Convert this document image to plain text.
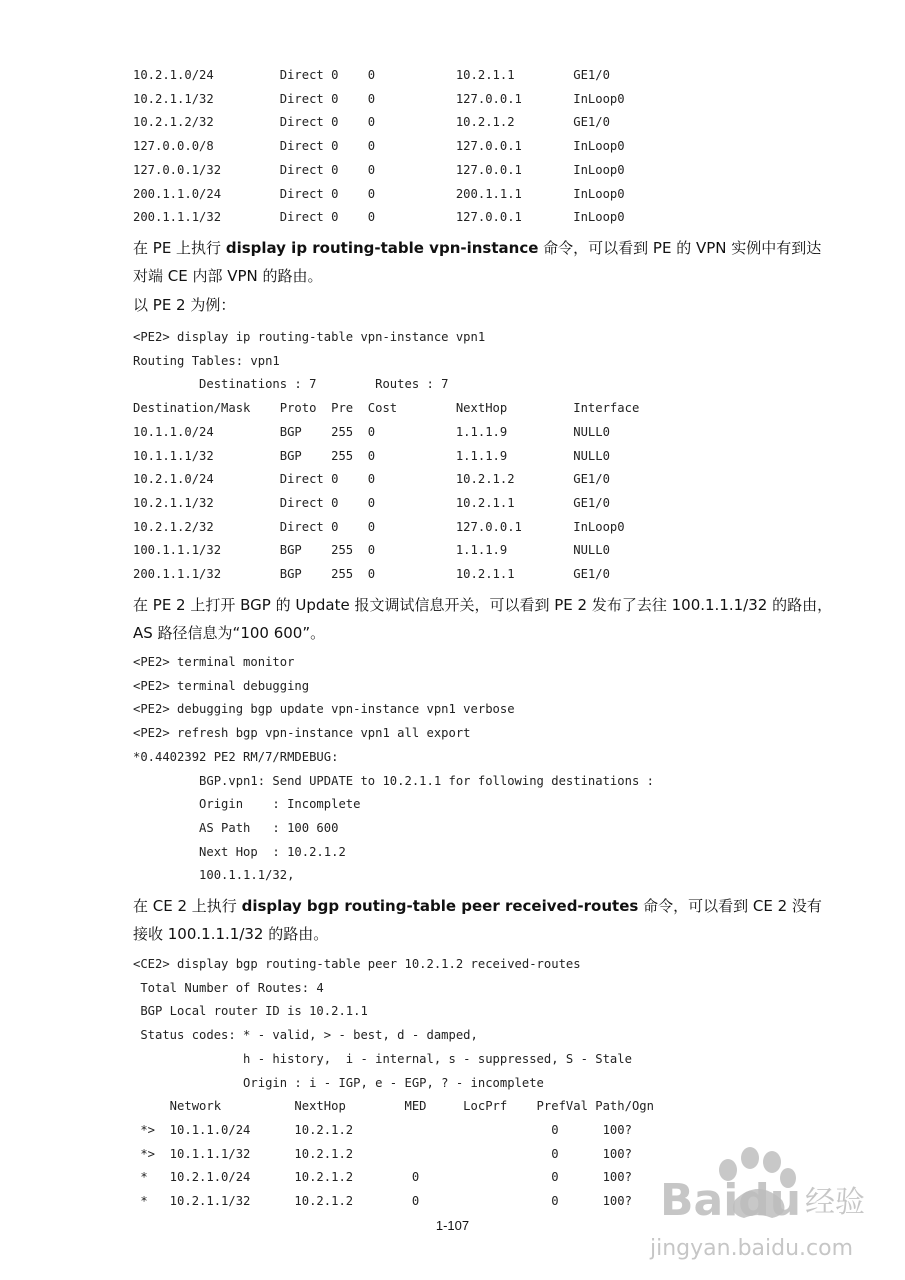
10.2.1.0/24         Direct 0    0           10.2.1.1        GE1/0
10.2.1.1/32         Direct 0    0           127.0.0.1       InLoop0
10.2.1.2/32         Direct 0    0           10.2.1.2        GE1/0
127.0.0.0/8         Direct 0    0           127.0.0.1       InLoop0
127.0.0.1/32        Direct 0    0           127.0.0.1       InLoop0
200.1.1.0/24        Direct 0    0           200.1.1.1       InLoop0
200.1.1.1/32        Direct 0    0           127.0.0.1       InLoop0

在 PE 上执行 display ip routing-table vpn-instance 命令，可以看到 PE 的 VPN 实例中有到达对端 CE 内部 VPN 的路由。

以 PE 2 为例：

<PE2> display ip routing-table vpn-instance vpn1
Routing Tables: vpn1
Destinations : 7        Routes : 7
Destination/Mask    Proto  Pre  Cost        NextHop         Interface
10.1.1.0/24         BGP    255  0           1.1.1.9         NULL0
10.1.1.1/32         BGP    255  0           1.1.1.9         NULL0
10.2.1.0/24         Direct 0    0           10.2.1.2        GE1/0
10.2.1.1/32         Direct 0    0           10.2.1.1        GE1/0
10.2.1.2/32         Direct 0    0           127.0.0.1       InLoop0
100.1.1.1/32        BGP    255  0           1.1.1.9         NULL0
200.1.1.1/32        BGP    255  0           10.2.1.1        GE1/0

在 PE 2 上打开 BGP 的 Update 报文调试信息开关，可以看到 PE 2 发布了去往 100.1.1.1/32 的路由，AS 路径信息为“100 600”。

<PE2> terminal monitor
<PE2> terminal debugging
<PE2> debugging bgp update vpn-instance vpn1 verbose
<PE2> refresh bgp vpn-instance vpn1 all export
*0.4402392 PE2 RM/7/RMDEBUG:
BGP.vpn1: Send UPDATE to 10.2.1.1 for following destinations :
Origin    : Incomplete
AS Path   : 100 600
Next Hop  : 10.2.1.2
100.1.1.1/32,

在 CE 2 上执行 display bgp routing-table peer received-routes 命令，可以看到 CE 2 没有接收 100.1.1.1/32 的路由。

<CE2> display bgp routing-table peer 10.2.1.2 received-routes
Total Number of Routes: 4
BGP Local router ID is 10.2.1.1
Status codes: * - valid, > - best, d - damped,
h - history,  i - internal, s - suppressed, S - Stale
Origin : i - IGP, e - EGP, ? - incomplete
Network          NextHop        MED     LocPrf    PrefVal Path/Ogn
*>  10.1.1.0/24      10.2.1.2                           0      100?
*>  10.1.1.1/32      10.2.1.2                           0      100?
*   10.2.1.0/24      10.2.1.2        0                  0      100?
*   10.2.1.1/32      10.2.1.2        0                  0      100?
1-107	Baidu 经验
jingyan.baidu.com
